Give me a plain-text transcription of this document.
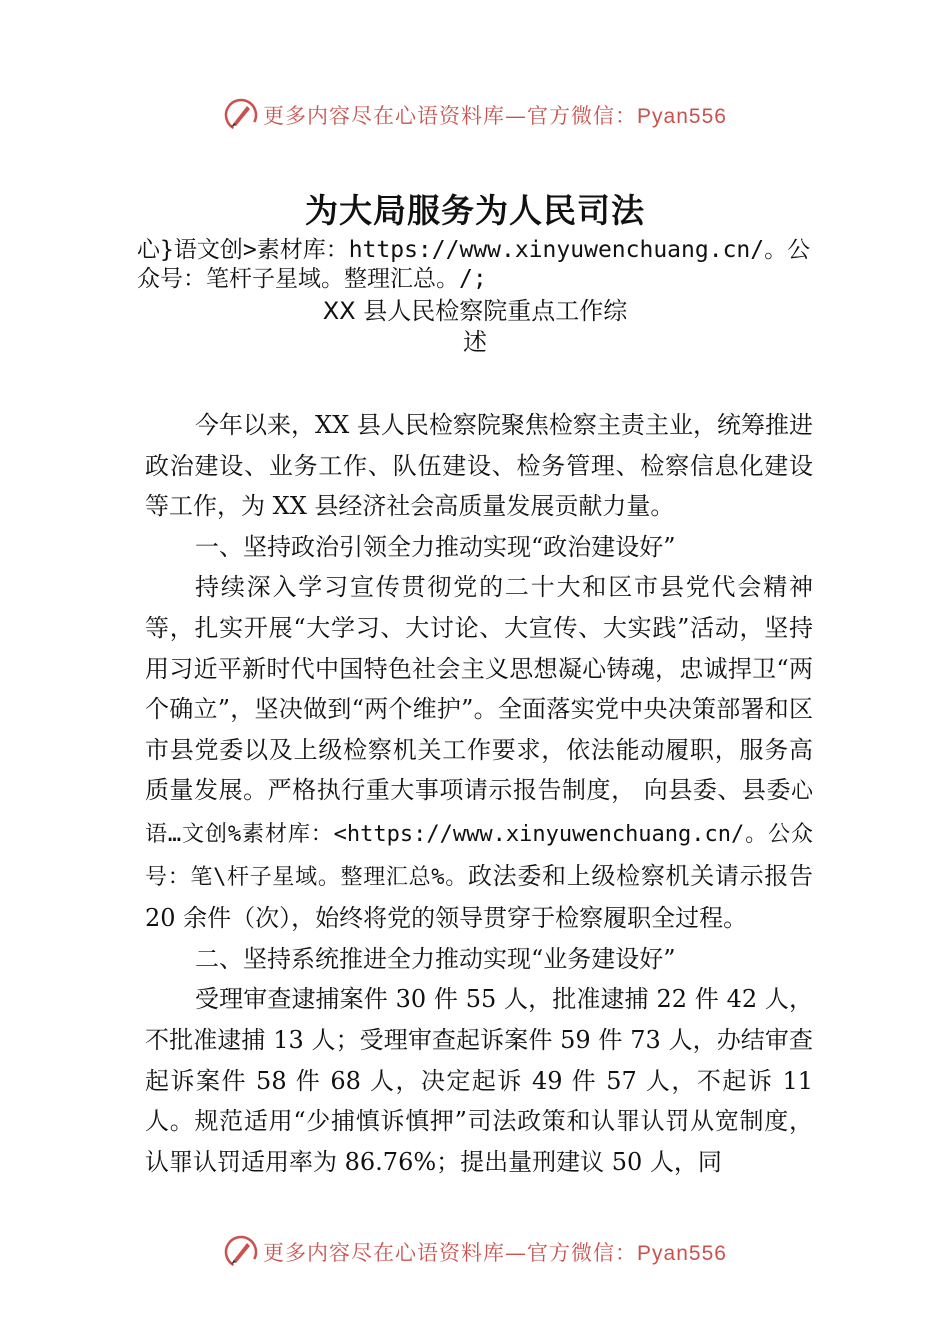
更多内容尽在心语资料库—官方微信：Pyan556
为大局服务为人民司法
心}语文创>素材库：https://www.xinyuwenchuang.cn/。公众号：笔杆子星域。整理汇总。/;
XX 县人民检察院重点工作综
述

今年以来，XX 县人民检察院聚焦检察主责主业，统筹推进政治建设、业务工作、队伍建设、检务管理、检察信息化建设等工作，为 XX 县经济社会高质量发展贡献力量。

一、坚持政治引领全力推动实现“政治建设好”

持续深入学习宣传贯彻党的二十大和区市县党代会精神等，扎实开展“大学习、大讨论、大宣传、大实践”活动，坚持用习近平新时代中国特色社会主义思想凝心铸魂，忠诚捍卫“两个确立”，坚决做到“两个维护”。全面落实党中央决策部署和区市县党委以及上级检察机关工作要求，依法能动履职，服务高质量发展。严格执行重大事项请示报告制度， 向县委、县委心语…文创%素材库：<https://www.xinyuwenchuang.cn/。公众号：笔\杆子星域。整理汇总%。政法委和上级检察机关请示报告 20 余件（次），始终将党的领导贯穿于检察履职全过程。

二、坚持系统推进全力推动实现“业务建设好”

受理审查逮捕案件 30 件 55 人，批准逮捕 22 件 42 人，不批准逮捕 13 人；受理审查起诉案件 59 件 73 人，办结审查起诉案件 58 件 68 人，决定起诉 49 件 57 人，不起诉 11 人。规范适用“少捕慎诉慎押”司法政策和认罪认罚从宽制度，认罪认罚适用率为 86.76%；提出量刑建议 50 人，同

更多内容尽在心语资料库—官方微信：Pyan556
